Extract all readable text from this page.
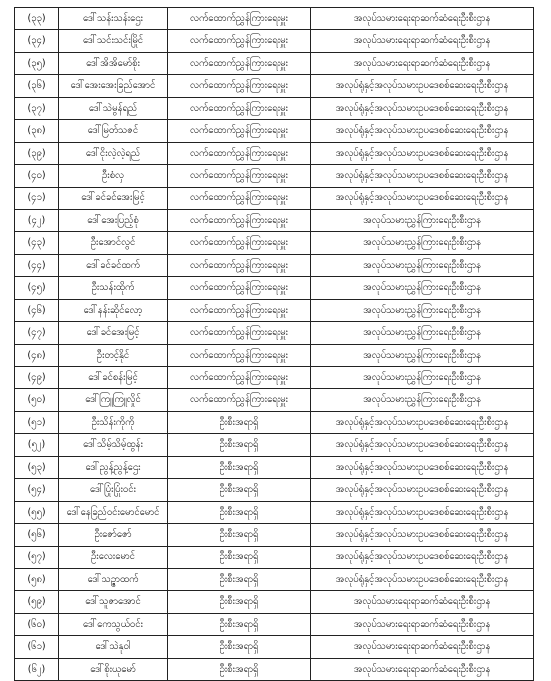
(၃၃)	ဒေါ်သန်းသန်းဌေး	လက်ထောက်ညွှန်ကြားရေးမှူး	အလုပ်သမားရေးရာဆက်ဆံရေးဦးစီးဌာန
(၃၄)	ဒေါ်သင်းသင်းမြိုင်	လက်ထောက်ညွှန်ကြားရေးမှူး	အလုပ်သမားရေးရာဆက်ဆံရေးဦးစီးဌာန
(၃၅)	ဒေါ်အိအိမော်စိုး	လက်ထောက်ညွှန်ကြားရေးမှူး	အလုပ်သမားရေးရာဆက်ဆံရေးဦးစီးဌာန
(၃၆)	ဒေါ်အေးအေးခြည်အောင်	လက်ထောက်ညွှန်ကြားရေးမှူး	အလုပ်ရုံနှင့်အလုပ်သမားဥပဒေစစ်ဆေးရေးဦးစီးဌာန
(၃၇)	ဒေါ်သဲမွန်ရည်	လက်ထောက်ညွှန်ကြားရေးမှူး	အလုပ်ရုံနှင့်အလုပ်သမားဥပဒေစစ်ဆေးရေးဦးစီးဌာန
(၃၈)	ဒေါ်မြတ်သဇင်	လက်ထောက်ညွှန်ကြားရေးမှူး	အလုပ်ရုံနှင့်အလုပ်သမားဥပဒေစစ်ဆေးရေးဦးစီးဌာန
(၃၉)	ဒေါ်ငိုးလဲ့လဲ့ရည်	လက်ထောက်ညွှန်ကြားရေးမှူး	အလုပ်ရုံနှင့်အလုပ်သမားဥပဒေစစ်ဆေးရေးဦးစီးဌာန
(၄၀)	ဦးစံလှ	လက်ထောက်ညွှန်ကြားရေးမှူး	အလုပ်ရုံနှင့်အလုပ်သမားဥပဒေစစ်ဆေးရေးဦးစီးဌာန
(၄၁)	ဒေါ်ခင်ခင်အေးမြင့်	လက်ထောက်ညွှန်ကြားရေးမှူး	အလုပ်ရုံနှင့်အလုပ်သမားဥပဒေစစ်ဆေးရေးဦးစီးဌာန
(၄၂)	ဒေါ်အေးပြည့်စုံ	လက်ထောက်ညွှန်ကြားရေးမှူး	အလုပ်သမားညွှန်ကြားရေးဦးစီးဌာန
(၄၃)	ဦးအောင်လွင်	လက်ထောက်ညွှန်ကြားရေးမှူး	အလုပ်သမားညွှန်ကြားရေးဦးစီးဌာန
(၄၄)	ဒေါ်ခင်ခင်ထက်	လက်ထောက်ညွှန်ကြားရေးမှူး	အလုပ်သမားညွှန်ကြားရေးဦးစီးဌာန
(၄၅)	ဦးသန်းထိုက်	လက်ထောက်ညွှန်ကြားရေးမှူး	အလုပ်သမားညွှန်ကြားရေးဦးစီးဌာန
(၄၆)	ဒေါ်နန်းဆိုင်လော့	လက်ထောက်ညွှန်ကြားရေးမှူး	အလုပ်သမားညွှန်ကြားရေးဦးစီးဌာန
(၄၇)	ဒေါ်ခင်အေးမြင့်	လက်ထောက်ညွှန်ကြားရေးမှူး	အလုပ်သမားညွှန်ကြားရေးဦးစီးဌာန
(၄၈)	ဦးတင့်နိုင်	လက်ထောက်ညွှန်ကြားရေးမှူး	အလုပ်သမားညွှန်ကြားရေးဦးစီးဌာန
(၄၉)	ဒေါ်ခင်စန်းမြင့်	လက်ထောက်ညွှန်ကြားရေးမှူး	အလုပ်သမားညွှန်ကြားရေးဦးစီးဌာန
(၅၀)	ဒေါ်ကြူကြူလှိုင်	လက်ထောက်ညွှန်ကြားရေးမှူး	အလုပ်သမားညွှန်ကြားရေးဦးစီးဌာန
(၅၁)	ဦးသိန်းကိုကို	ဦးစီးအရာရှိ	အလုပ်ရုံနှင့်အလုပ်သမားဥပဒေစစ်ဆေးရေးဦးစီးဌာန
(၅၂)	ဒေါ်သိမ့်သိမ့်ထွန်း	ဦးစီးအရာရှိ	အလုပ်ရုံနှင့်အလုပ်သမားဥပဒေစစ်ဆေးရေးဦးစီးဌာန
(၅၃)	ဒေါ်ညွန့်ညွန့်ဌေး	ဦးစီးအရာရှိ	အလုပ်ရုံနှင့်အလုပ်သမားဥပဒေစစ်ဆေးရေးဦးစီးဌာန
(၅၄)	ဒေါ်ပြုံးပြုံးဝင်း	ဦးစီးအရာရှိ	အလုပ်ရုံနှင့်အလုပ်သမားဥပဒေစစ်ဆေးရေးဦးစီးဌာန
(၅၅)	ဒေါ်နေခြည်ဝင်းမောင်မောင်	ဦးစီးအရာရှိ	အလုပ်ရုံနှင့်အလုပ်သမားဥပဒေစစ်ဆေးရေးဦးစီးဌာန
(၅၆)	ဦးဇော်ဇော်	ဦးစီးအရာရှိ	အလုပ်ရုံနှင့်အလုပ်သမားဥပဒေစစ်ဆေးရေးဦးစီးဌာန
(၅၇)	ဦးလေးမောင်	ဦးစီးအရာရှိ	အလုပ်ရုံနှင့်အလုပ်သမားဥပဒေစစ်ဆေးရေးဦးစီးဌာန
(၅၈)	ဒေါ်သဉ္ဇာထက်	ဦးစီးအရာရှိ	အလုပ်ရုံနှင့်အလုပ်သမားဥပဒေစစ်ဆေးရေးဦးစီးဌာန
(၅၉)	ဒေါ်သူဇာအောင်	ဦးစီးအရာရှိ	အလုပ်သမားရေးရာဆက်ဆံရေးဦးစီးဌာန
(၆၀)	ဒေါ်ကေသွယ်ဝင်း	ဦးစီးအရာရှိ	အလုပ်သမားရေးရာဆက်ဆံရေးဦးစီးဌာန
(၆၁)	ဒေါ်သဲနုဝါ	ဦးစီးအရာရှိ	အလုပ်သမားရေးရာဆက်ဆံရေးဦးစီးဌာန
(၆၂)	ဒေါ်စိုးယုမော်	ဦးစီးအရာရှိ	အလုပ်သမားရေးရာဆက်ဆံရေးဦးစီးဌာန
